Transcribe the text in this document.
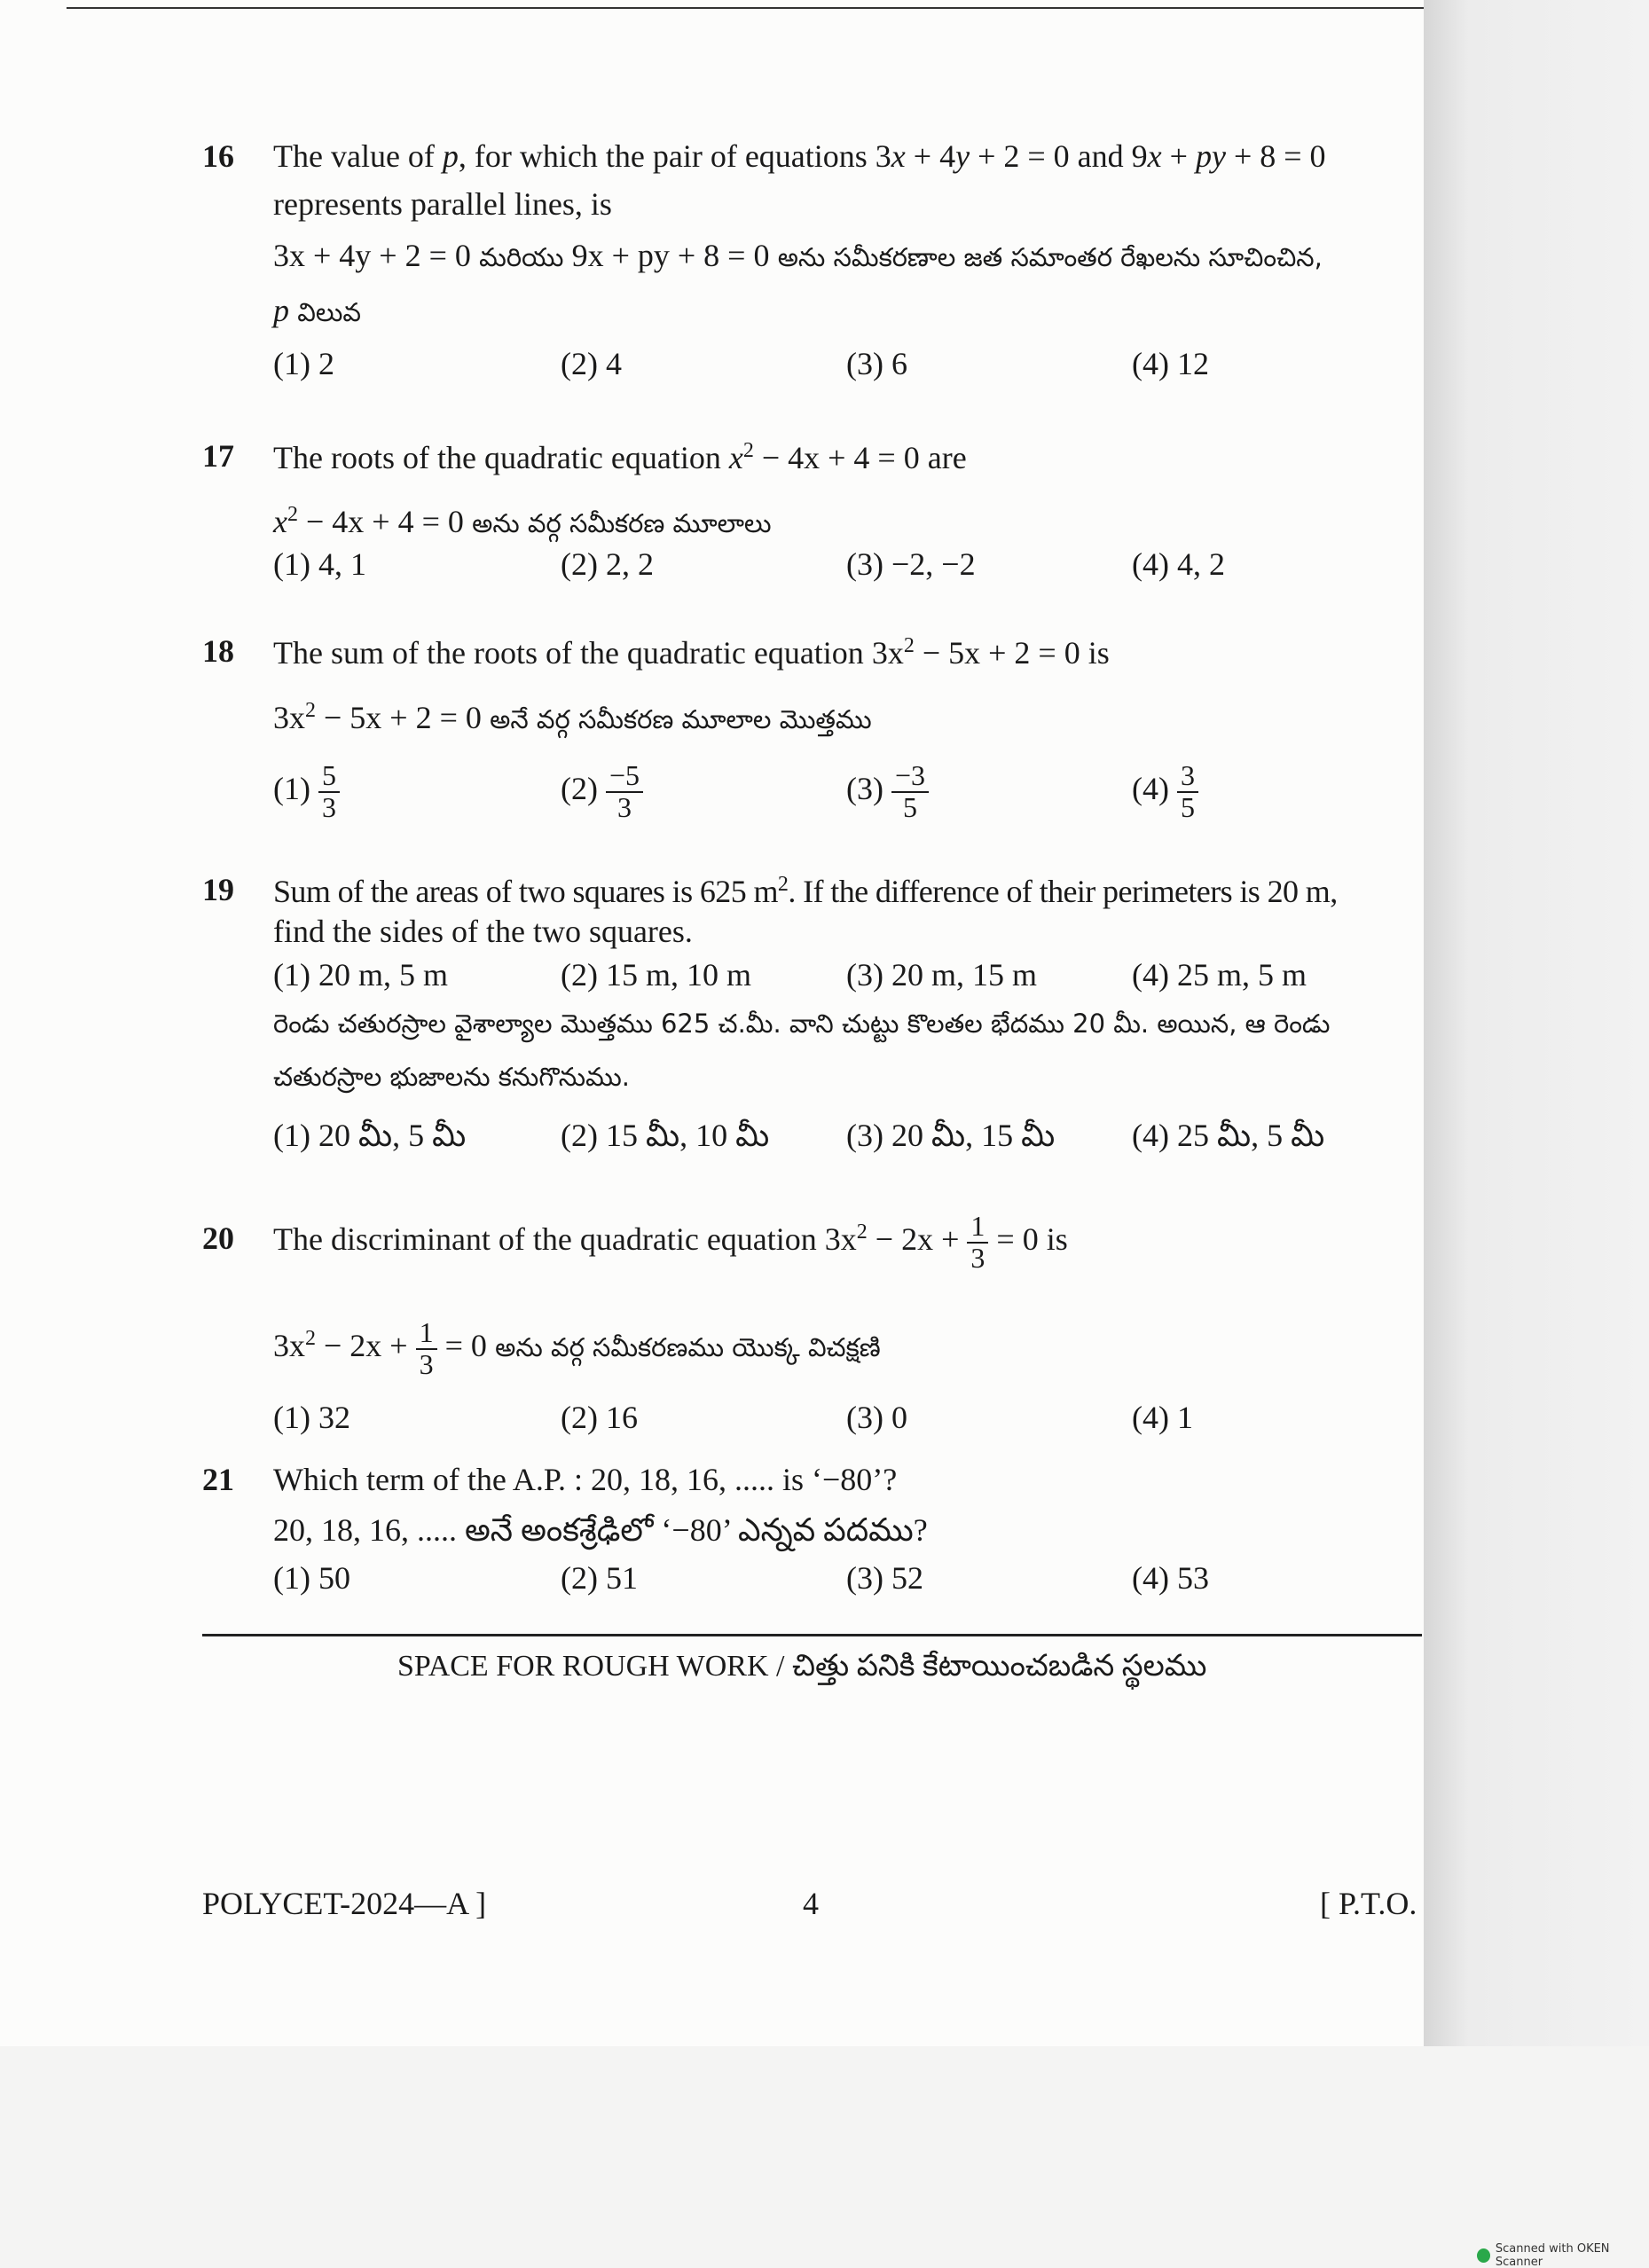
16 The value of p, for which the pair of equations 3x + 4y + 2 = 0 and 9x + py + 8 = 0
represents parallel lines, is
3x + 4y + 2 = 0 మరియు 9x + py + 8 = 0 అను సమీకరణాల జత సమాంతర రేఖలను సూచించిన,
p విలువ
(1) 2	(2) 4	(3) 6	(4) 12
17 The roots of the quadratic equation $x^2 - 4x + 4 = 0$ are
$x^2 - 4x + 4 = 0$ అను వర్గ సమీకరణ మూలాలు
(1) 4, 1	(2) 2, 2	(3) −2, −2	(4) 4, 2
18 The sum of the roots of the quadratic equation $3x^2 - 5x + 2 = 0$ is
$3x^2 - 5x + 2 = 0$ అనే వర్గ సమీకరణ మూలాల మొత్తము
$(1) \frac{5}{3}$	$(2) \frac{-5}{3}$	$(3) \frac{-3}{5}$	$(4) \frac{3}{5}$
19 Sum of the areas of two squares is 625 $m^2$. If the difference of their perimeters is 20 m,
find the sides of the two squares.
(1) 20 m, 5 m	(2) 15 m, 10 m	(3) 20 m, 15 m	(4) 25 m, 5 m
రెండు చతురస్రాల వైశాల్యాల మొత్తము 625 చ.మీ. వాని చుట్టు కొలతల భేదము 20 మీ. అయిన, ఆ రెండు
చతురస్రాల భుజాలను కనుగొనుము.
(1) 20 మీ, 5 మీ	(2) 15 మీ, 10 మీ (3) 20 మీ, 15 మీ (4) 25 మీ, 5 మీ
20 The discriminant of the quadratic equation $3x^2 - 2x + \frac{1}{3} = 0$ is
$3x^2 - 2x + \frac{1}{3} = 0$ అను వర్గ సమీకరణము యొక్క విచక్షణి
(1) 32	(2) 16	(3) 0	(4) 1
21 Which term of the A.P. : 20, 18, 16, ..... is ‘−80’?
20, 18, 16, ..... అనే అంకశ్రేఢిలో ‘−80’ ఎన్నవ పదము?
(1) 50	(2) 51	(3) 52	(4) 53
SPACE FOR ROUGH WORK / చిత్తు పనికి కేటాయించబడిన స్థలము
POLYCET-2024—A ]	4	[ P.T.O.
Scanned with OKEN Scanner
